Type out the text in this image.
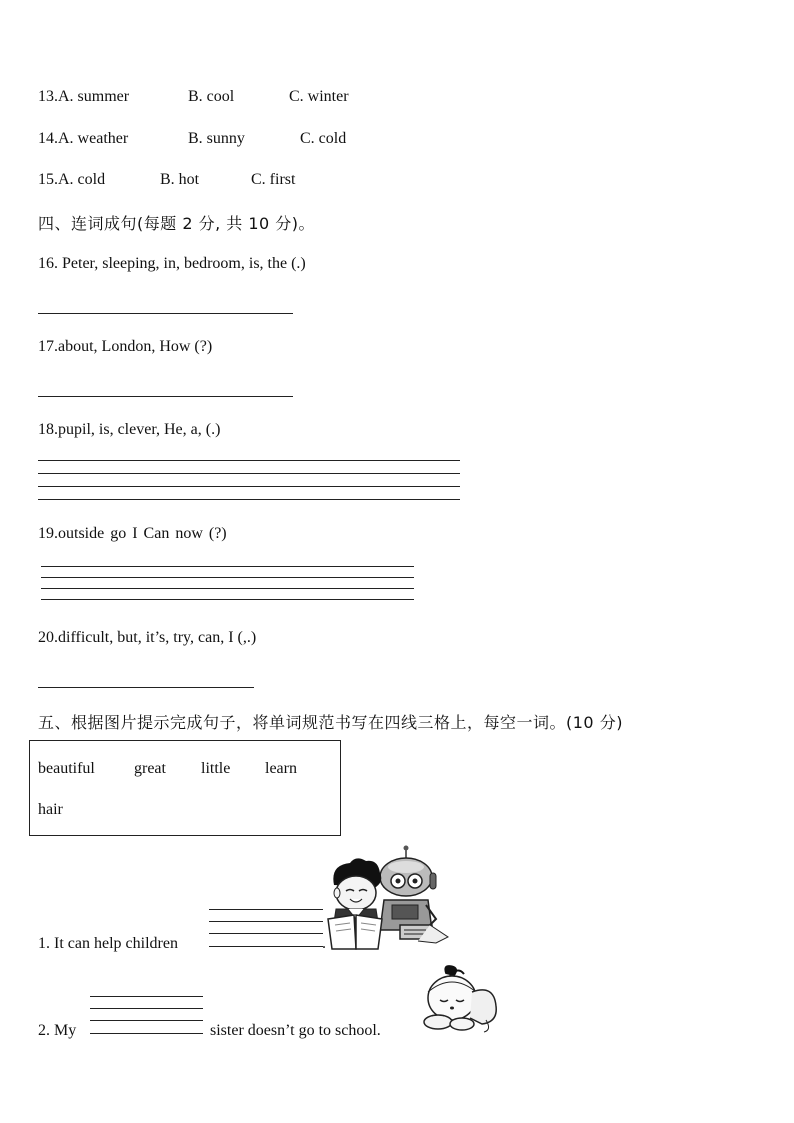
13.A. summer	B. cool	C. winter
14.A. weather	B. sunny	C. cold
15.A. cold	B. hot	C. first
四、连词成句(每题 2 分, 共 10 分)。
16. Peter, sleeping, in, bedroom, is, the (.)
17.about, London, How (?)
18.pupil, is, clever, He, a, (.)
19.outside go I Can now (?)
20.difficult, but, it’s, try, can, I (,.)
五、根据图片提示完成句子，将单词规范书写在四线三格上，每空一词。(10 分)
beautiful great little learn
hair
1. It can help children	.
2. My	sister doesn’t go to school.
